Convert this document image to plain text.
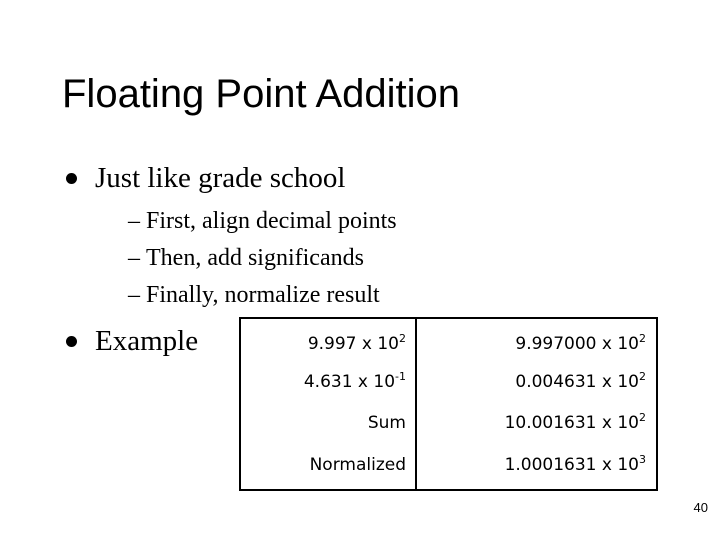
Floating Point Addition
Just like grade school
– First, align decimal points
– Then, add significands
– Finally, normalize result
Example	9.997 x $10^2$	9.997000 x $10^2$
4.631 x $10^{-1}$	0.004631 x $10^2$
Sum	10.001631 x $10^2$
Normalized	1.0001631 x $10^3$
40
